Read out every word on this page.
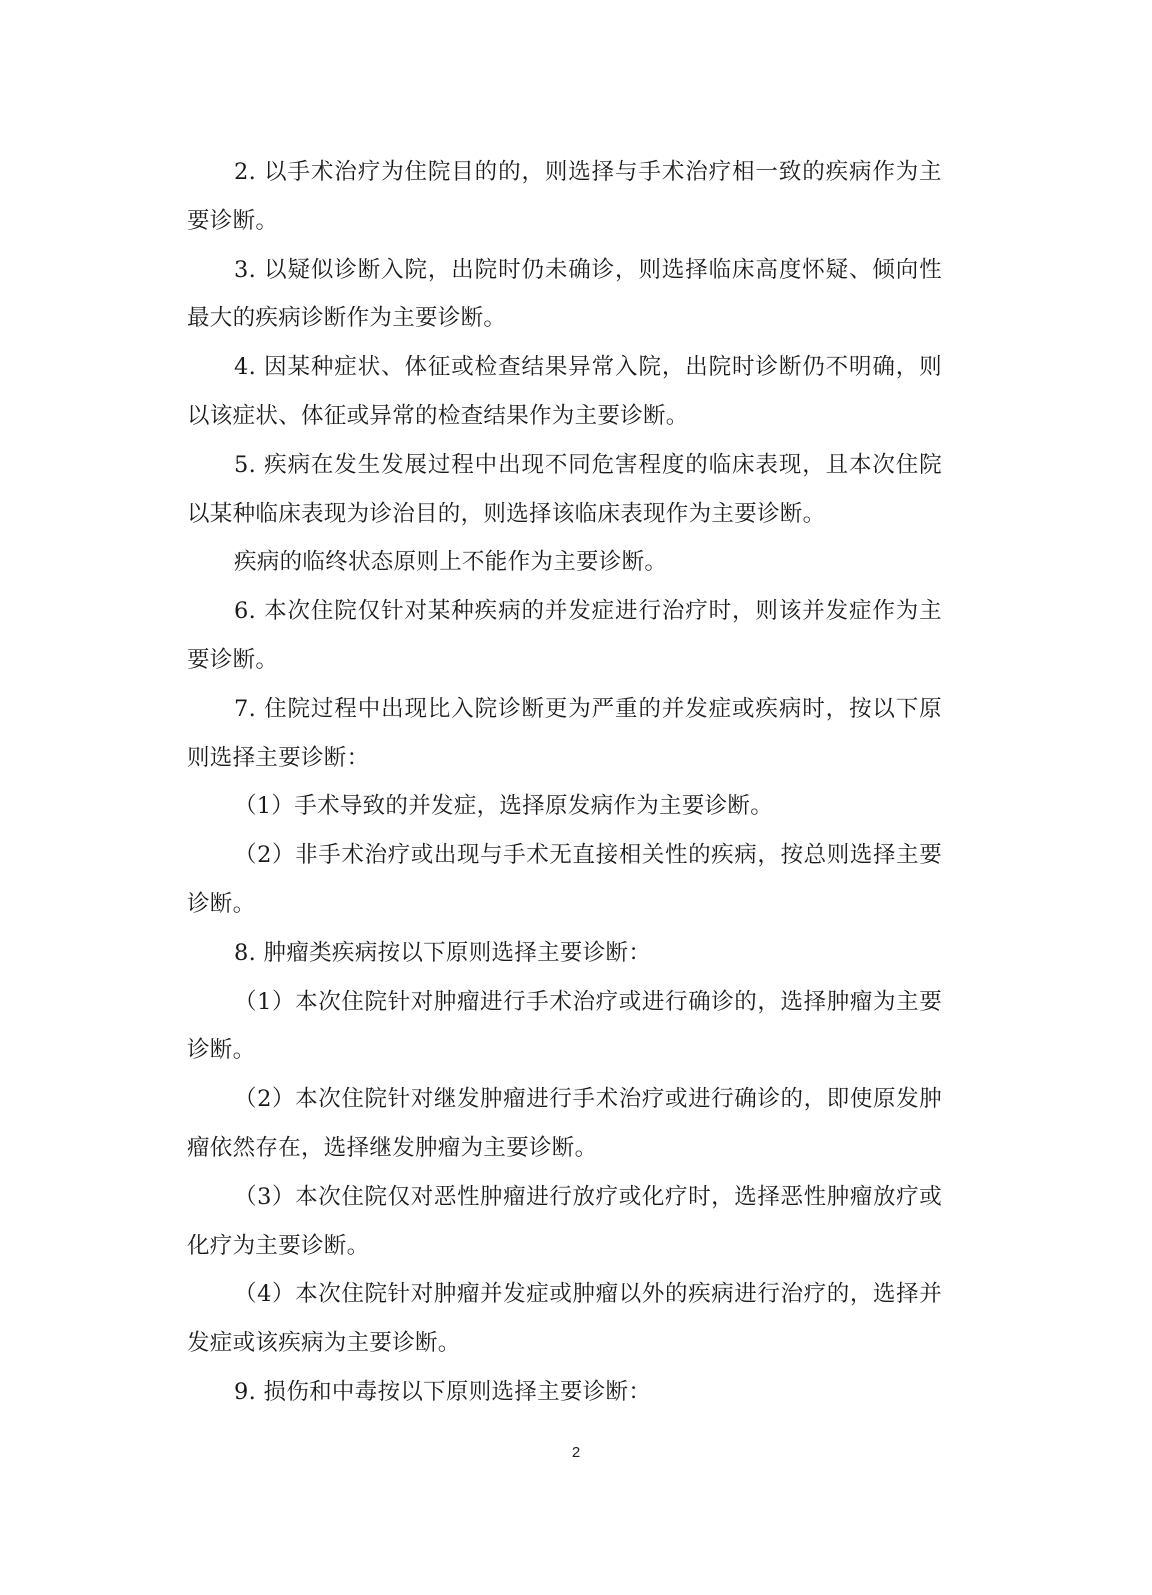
2. 以手术治疗为住院目的的，则选择与手术治疗相一致的疾病作为主要诊断。

3. 以疑似诊断入院，出院时仍未确诊，则选择临床高度怀疑、倾向性最大的疾病诊断作为主要诊断。

4. 因某种症状、体征或检查结果异常入院，出院时诊断仍不明确，则以该症状、体征或异常的检查结果作为主要诊断。

5. 疾病在发生发展过程中出现不同危害程度的临床表现，且本次住院以某种临床表现为诊治目的，则选择该临床表现作为主要诊断。

疾病的临终状态原则上不能作为主要诊断。

6. 本次住院仅针对某种疾病的并发症进行治疗时，则该并发症作为主要诊断。

7. 住院过程中出现比入院诊断更为严重的并发症或疾病时，按以下原则选择主要诊断：

（1）手术导致的并发症，选择原发病作为主要诊断。

（2）非手术治疗或出现与手术无直接相关性的疾病，按总则选择主要诊断。

8. 肿瘤类疾病按以下原则选择主要诊断：

（1）本次住院针对肿瘤进行手术治疗或进行确诊的，选择肿瘤为主要诊断。

（2）本次住院针对继发肿瘤进行手术治疗或进行确诊的，即使原发肿瘤依然存在，选择继发肿瘤为主要诊断。

（3）本次住院仅对恶性肿瘤进行放疗或化疗时，选择恶性肿瘤放疗或化疗为主要诊断。

（4）本次住院针对肿瘤并发症或肿瘤以外的疾病进行治疗的，选择并发症或该疾病为主要诊断。

9. 损伤和中毒按以下原则选择主要诊断：

2
